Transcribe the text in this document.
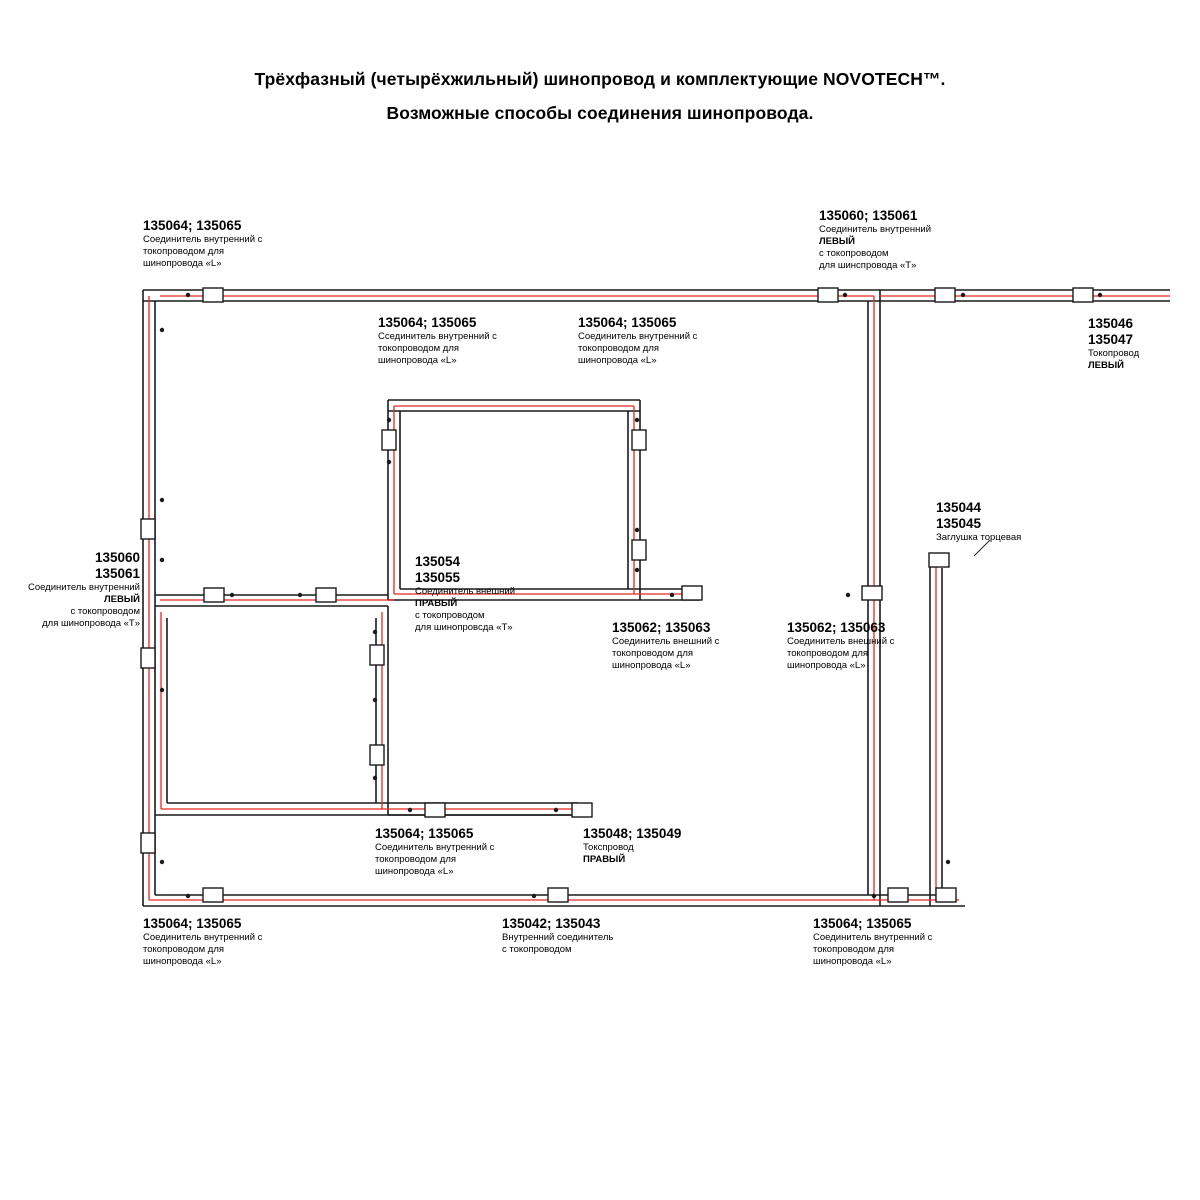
Трёхфазный (четырёхжильный) шинопровод и комплектующие NOVOTECH™.
Возможные способы соединения шинопровода.
135064; 135065
Соединитель внутренний с
токопроводом для
шинопровода «L»
135060; 135061
Соединитель внутренний
ЛЕВЫЙ
с токопроводом
для шинспровода «T»
135046
135047
Токопровод
ЛЕВЫЙ
135064; 135065
Ссединитель внутренний с
токопроводом для
шинопровода «L»
135064; 135065
Соединитель внутренний с
токопроводом для
шинопровода «L»
135044
135045
Заглушка торцевая
135060
135061
Соединитель внутренний
ЛЕВЫЙ
с токопроводом
для шинопровода «T»
135054
135055
Соединитель внешний
ПРАВЫЙ
с токопроводом
для шинопровсда «T»	135062; 135063
Соединитель внешний с
токопроводом для
шинопровода «L»
135062; 135063
Соединитель внешний с
токопроводом для
шинопровода «L»
135064; 135065
Соединитель внутренний с
токопроводом для
шинопровода «L»
135048; 135049
Токспровод
ПРАВЫЙ
135064; 135065
Соединитель внутренний с
токопроводом для
шинопровода «L»
135042; 135043
Внутренний соединитель
с токопроводом
135064; 135065
Соединитель внутренний с
токопроводом для
шинопровода «L»
